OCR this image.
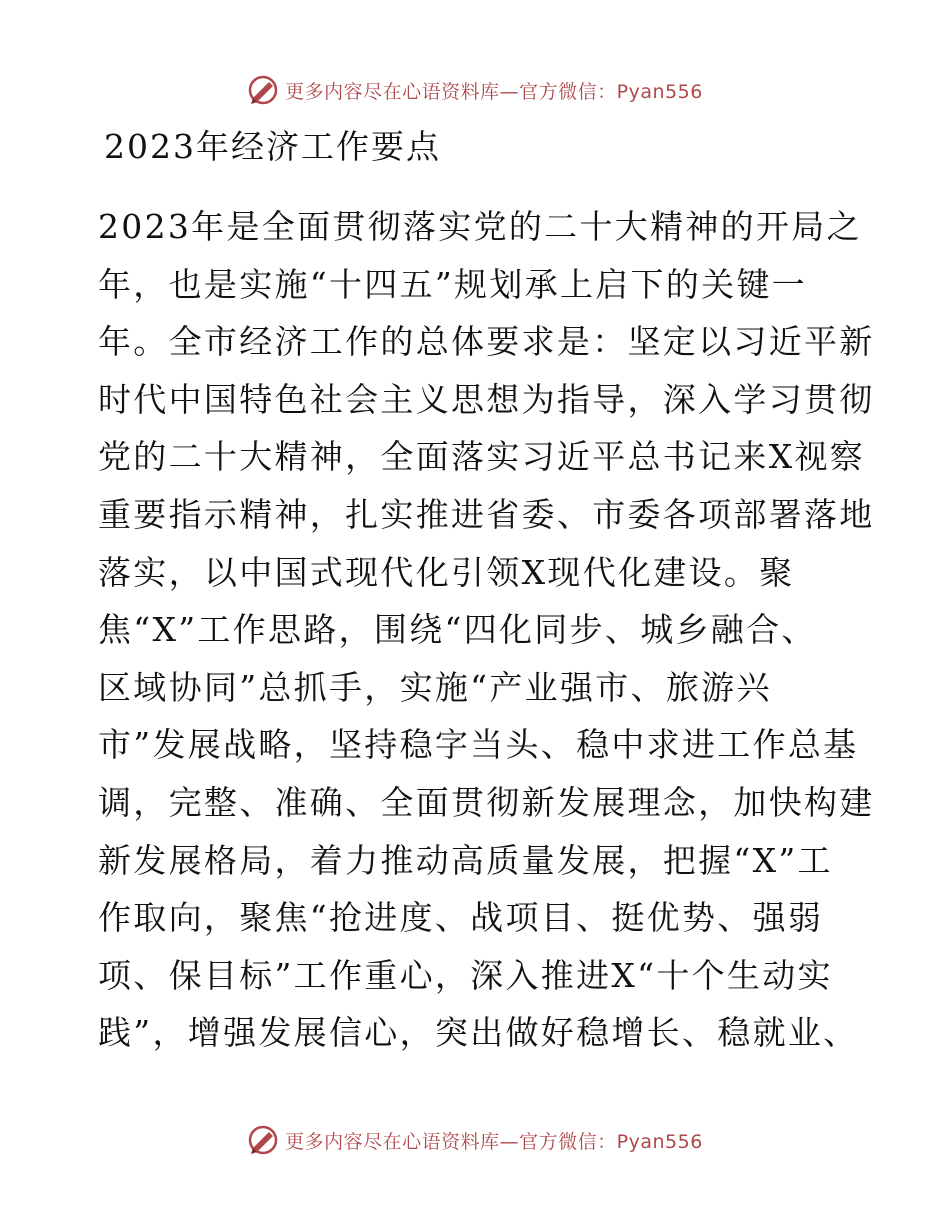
更多内容尽在心语资料库—官方微信：Pyan556
2023年经济工作要点
2023年是全面贯彻落实党的二十大精神的开局之
年，也是实施“十四五”规划承上启下的关键一
年。全市经济工作的总体要求是：坚定以习近平新
时代中国特色社会主义思想为指导，深入学习贯彻
党的二十大精神，全面落实习近平总书记来X视察
重要指示精神，扎实推进省委、市委各项部署落地
落实，以中国式现代化引领X现代化建设。聚
焦“X”工作思路，围绕“四化同步、城乡融合、
区域协同”总抓手，实施“产业强市、旅游兴
市”发展战略，坚持稳字当头、稳中求进工作总基
调，完整、准确、全面贯彻新发展理念，加快构建
新发展格局，着力推动高质量发展，把握“X”工
作取向，聚焦“抢进度、战项目、挺优势、强弱
项、保目标”工作重心，深入推进X“十个生动实
践”，增强发展信心，突出做好稳增长、稳就业、
更多内容尽在心语资料库—官方微信：Pyan556
